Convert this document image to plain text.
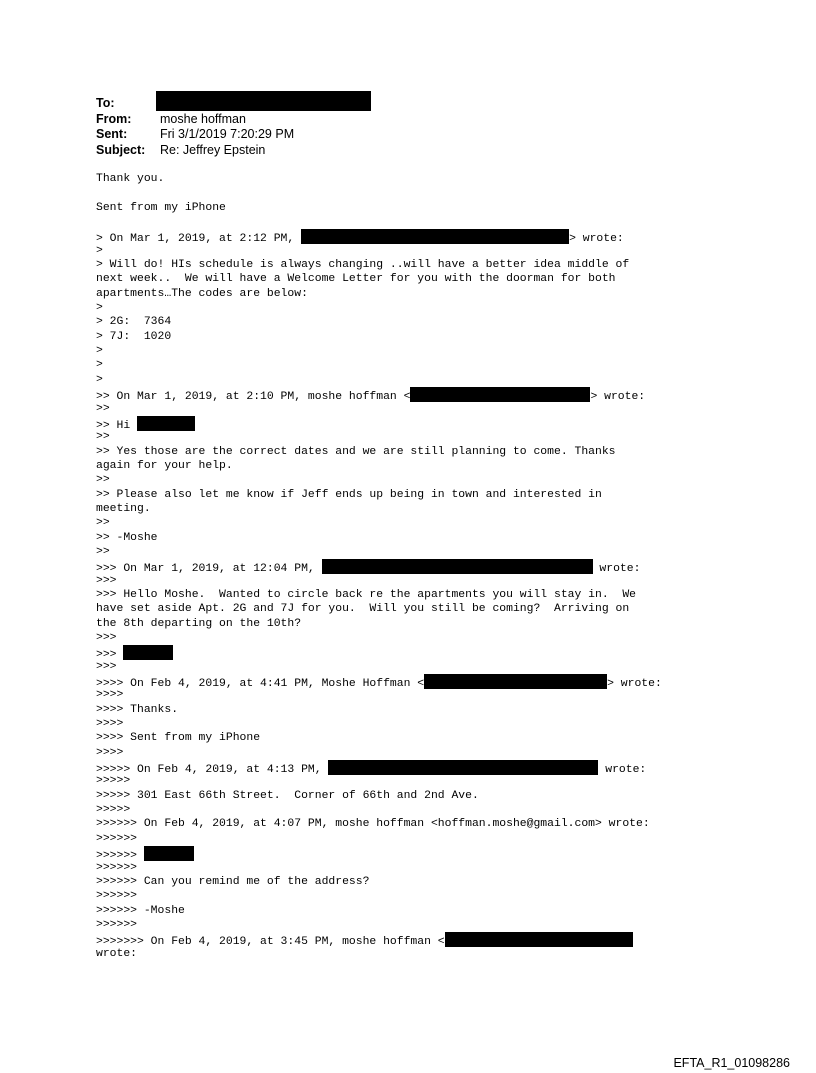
To:
From:	moshe hoffman
Sent:	Fri 3/1/2019 7:20:29 PM
Subject:	Re: Jeffrey Epstein
Thank you.
Sent from my iPhone
> On Mar 1, 2019, at 2:12 PM,	> wrote:
>
> Will do! HIs schedule is always changing ..will have a better idea middle of
next week..  We will have a Welcome Letter for you with the doorman for both
apartments…The codes are below:
>
> 2G:  7364
> 7J:  1020
>
>
>
>> On Mar 1, 2019, at 2:10 PM, moshe hoffman <	> wrote:
>>
>> Hi
>>
>> Yes those are the correct dates and we are still planning to come. Thanks
again for your help.
>>
>> Please also let me know if Jeff ends up being in town and interested in
meeting.
>>
>> -Moshe
>>
>>> On Mar 1, 2019, at 12:04 PM,	wrote:
>>>
>>> Hello Moshe.  Wanted to circle back re the apartments you will stay in.  We
have set aside Apt. 2G and 7J for you.  Will you still be coming?  Arriving on
the 8th departing on the 10th?
>>>
>>>
>>>
>>>> On Feb 4, 2019, at 4:41 PM, Moshe Hoffman <	> wrote:
>>>>
>>>> Thanks.
>>>>
>>>> Sent from my iPhone
>>>>
>>>>> On Feb 4, 2019, at 4:13 PM,	wrote:
>>>>>
>>>>> 301 East 66th Street.  Corner of 66th and 2nd Ave.
>>>>>
>>>>>> On Feb 4, 2019, at 4:07 PM, moshe hoffman <hoffman.moshe@gmail.com> wrote:
>>>>>>
>>>>>>
>>>>>>
>>>>>> Can you remind me of the address?
>>>>>>
>>>>>> -Moshe
>>>>>>
>>>>>>> On Feb 4, 2019, at 3:45 PM, moshe hoffman <
wrote:
EFTA_R1_01098286
